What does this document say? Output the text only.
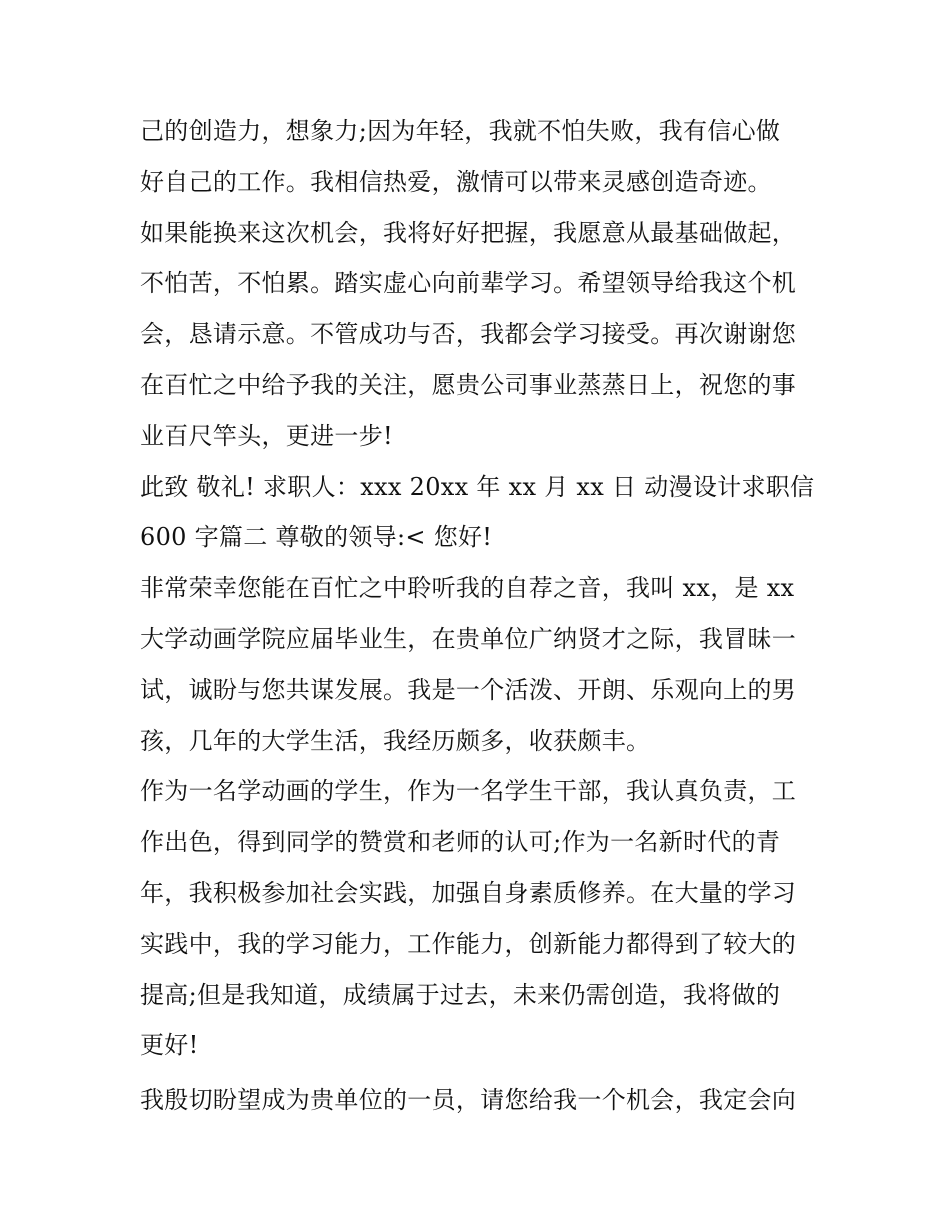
己的创造力，想象力;因为年轻，我就不怕失败，我有信心做
好自己的工作。我相信热爱，激情可以带来灵感创造奇迹。
如果能换来这次机会，我将好好把握，我愿意从最基础做起，
不怕苦，不怕累。踏实虚心向前辈学习。希望领导给我这个机
会，恳请示意。不管成功与否，我都会学习接受。再次谢谢您
在百忙之中给予我的关注，愿贵公司事业蒸蒸日上，祝您的事
业百尺竿头，更进一步!
此致 敬礼! 求职人：xxx 20xx 年 xx 月 xx 日 动漫设计求职信
600 字篇二 尊敬的领导:< 您好!
非常荣幸您能在百忙之中聆听我的自荐之音，我叫 xx，是 xx
大学动画学院应届毕业生，在贵单位广纳贤才之际，我冒昧一
试，诚盼与您共谋发展。我是一个活泼、开朗、乐观向上的男
孩，几年的大学生活，我经历颇多，收获颇丰。
作为一名学动画的学生，作为一名学生干部，我认真负责，工
作出色，得到同学的赞赏和老师的认可;作为一名新时代的青
年，我积极参加社会实践，加强自身素质修养。在大量的学习
实践中，我的学习能力，工作能力，创新能力都得到了较大的
提高;但是我知道，成绩属于过去，未来仍需创造，我将做的
更好!
我殷切盼望成为贵单位的一员，请您给我一个机会，我定会向
